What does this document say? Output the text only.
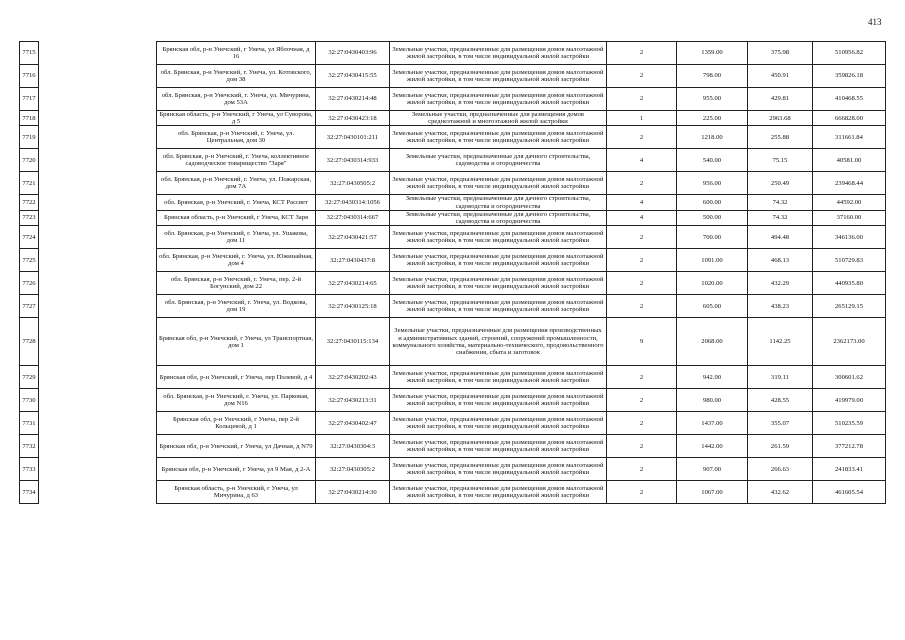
413
7715		Брянская обл, р-н Унечский, г Унеча, ул Яблочная, д 16	32:27:0430403:96	Земельные участки, предназначенные для размещения домов малоэтажной жилой застройки, в том числе индивидуальной жилой застройки	2	1359.00	375.98	510956.82
7716		обл. Брянская, р-н Унечский, г. Унеча, ул. Котовского, дом 38	32:27:0430415:55	Земельные участки, предназначенные для размещения домов малоэтажной жилой застройки, в том числе индивидуальной жилой застройки	2	798.00	450.91	359826.18
7717		обл. Брянская, р-н Унечский, г. Унеча, ул. Мичурина, дом 53А	32:27:0430214:48	Земельные участки, предназначенные для размещения домов малоэтажной жилой застройки, в том числе индивидуальной жилой застройки	2	955.00	429.81	410468.55
7718		Брянская область, р-н Унечский, г Унеча, ул Суворова, д 5	32:27:0430423:18	Земельные участки, предназначенные для размещения домов среднеэтажной и многоэтажной жилой застройки	1	225.00	2963.68	666828.00
7719		обл. Брянская, р-н Унечский, г. Унеча, ул. Центральная, дом 30	32:27:0430101:211	Земельные участки, предназначенные для размещения домов малоэтажной жилой застройки, в том числе индивидуальной жилой застройки	2	1218.00	255.88	311661.84
7720		обл. Брянская, р-н Унечский, г. Унеча, коллективное садоводческое товарищество "Заря"	32:27:0430314:933	Земельные участки, предназначенные для дачного строительства, садоводства и огородничества	4	540.00	75.15	40581.00
7721		обл. Брянская, р-н Унечский, г. Унеча, ул. Пожарская, дом 7А	32:27:0430505:2	Земельные участки, предназначенные для размещения домов малоэтажной жилой застройки, в том числе индивидуальной жилой застройки	2	956.00	250.49	239468.44
7722		обл. Брянская, р-н Унечский, г. Унеча, КСТ Рассвет	32:27:0430314:1056	Земельные участки, предназначенные для дачного строительства, садоводства и огородничества	4	600.00	74.32	44592.00
7723		Брянская область, р-н Унечский, г Унеча, КСТ Заря	32:27:0430314:667	Земельные участки, предназначенные для дачного строительства, садоводства и огородничества	4	500.00	74.32	37160.00
7724		обл. Брянская, р-н Унечский, г. Унеча, ул. Ушакова, дом 11	32:27:0430421:57	Земельные участки, предназначенные для размещения домов малоэтажной жилой застройки, в том числе индивидуальной жилой застройки	2	700.00	494.48	346136.00
7725		обл. Брянская, р-н Унечский, г. Унеча, ул. Южинайная, дом 4	32:27:0430437:8	Земельные участки, предназначенные для размещения домов малоэтажной жилой застройки, в том числе индивидуальной жилой застройки	2	1091.00	468.13	510729.83
7726		обл. Брянская, р-н Унечский, г. Унеча, пер. 2-й Богунский, дом 22	32:27:0430214:65	Земельные участки, предназначенные для размещения домов малоэтажной жилой застройки, в том числе индивидуальной жилой застройки	2	1020.00	432.29	440935.80
7727		обл. Брянская, р-н Унечский, г. Унеча, ул. Водкова, дом 19	32:27:0430125:18	Земельные участки, предназначенные для размещения домов малоэтажной жилой застройки, в том числе индивидуальной жилой застройки	2	605.00	438.23	265129.15
7728		Брянская обл, р-н Унечский, г Унеча, ул Транспортная, дом 1	32:27:0430115:134	Земельные участки, предназначенные для размещения производственных и административных зданий, строений, сооружений промышленности, коммунального хозяйства, материально-технического, продовольственного снабжения, сбыта и заготовок	9	2068.00	1142.25	2362173.00
7729		Брянская обл, р-н Унечский, г Унеча, пер Полевой, д 4	32:27:0430202:43	Земельные участки, предназначенные для размещения домов малоэтажной жилой застройки, в том числе индивидуальной жилой застройки	2	942.00	319.11	300601.62
7730		обл. Брянская, р-н Унечский, г. Унеча, ул. Парковая, дом N16	32:27:0430213:31	Земельные участки, предназначенные для размещения домов малоэтажной жилой застройки, в том числе индивидуальной жилой застройки	2	980.00	428.55	419979.00
7731		Брянская обл, р-н Унечский, г Унеча, пер 2-й Кольцевой, д 1	32:27:0430402:47	Земельные участки, предназначенные для размещения домов малоэтажной жилой застройки, в том числе индивидуальной жилой застройки	2	1437.00	355.07	510235.59
7732		Брянская обл, р-н Унечский, г Унеча, ул Дачная, д N79	32:27:0430304:3	Земельные участки, предназначенные для размещения домов малоэтажной жилой застройки, в том числе индивидуальной жилой застройки	2	1442.00	261.59	377212.78
7733		Брянская обл, р-н Унечский, г Унеча, ул 9 Мая, д 2-А	32:27:0430305:2	Земельные участки, предназначенные для размещения домов малоэтажной жилой застройки, в том числе индивидуальной жилой застройки	2	907.00	266.63	241833.41
7734		Брянская область, р-н Унечский, г Унеча, ул Мичурина, д 63	32:27:0430214:30	Земельные участки, предназначенные для размещения домов малоэтажной жилой застройки, в том числе индивидуальной жилой застройки	2	1067.00	432.62	461605.54
